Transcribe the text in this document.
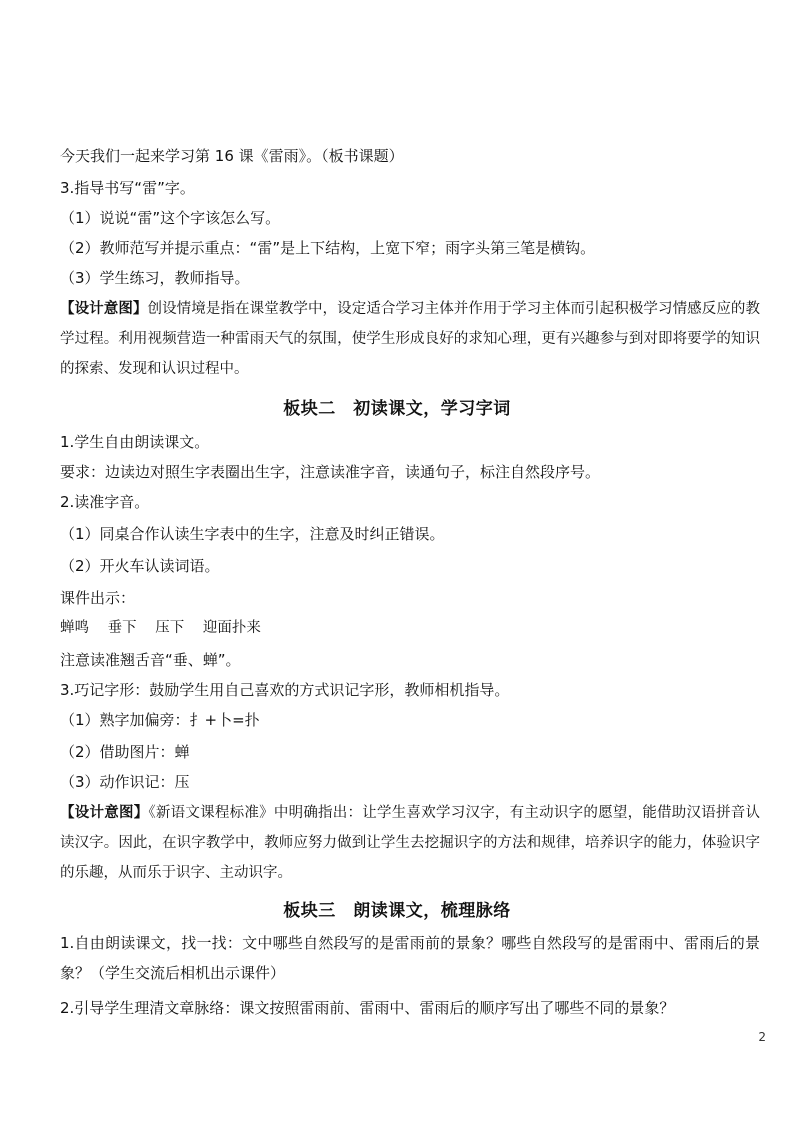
今天我们一起来学习第 16 课《雷雨》。（板书课题）
3.指导书写“雷”字。
（1）说说“雷”这个字该怎么写。
（2）教师范写并提示重点：“雷”是上下结构，上宽下窄；雨字头第三笔是横钩。
（3）学生练习，教师指导。
【设计意图】创设情境是指在课堂教学中，设定适合学习主体并作用于学习主体而引起积极学习情感反应的教学过程。利用视频营造一种雷雨天气的氛围，使学生形成良好的求知心理，更有兴趣参与到对即将要学的知识的探索、发现和认识过程中。
板块二　初读课文，学习字词
1.学生自由朗读课文。
要求：边读边对照生字表圈出生字，注意读准字音，读通句子，标注自然段序号。
2.读准字音。
（1）同桌合作认读生字表中的生字，注意及时纠正错误。
（2）开火车认读词语。
课件出示：
蝉鸣 垂下 压下 迎面扑来
注意读准翘舌音“垂、蝉”。
3.巧记字形：鼓励学生用自己喜欢的方式识记字形，教师相机指导。
（1）熟字加偏旁：扌+卜=扑
（2）借助图片：蝉
（3）动作识记：压
【设计意图】《新语文课程标准》中明确指出：让学生喜欢学习汉字，有主动识字的愿望，能借助汉语拼音认读汉字。因此，在识字教学中，教师应努力做到让学生去挖掘识字的方法和规律，培养识字的能力，体验识字的乐趣，从而乐于识字、主动识字。
板块三　朗读课文，梳理脉络
1.自由朗读课文，找一找：文中哪些自然段写的是雷雨前的景象？哪些自然段写的是雷雨中、雷雨后的景象？（学生交流后相机出示课件）
2.引导学生理清文章脉络：课文按照雷雨前、雷雨中、雷雨后的顺序写出了哪些不同的景象？
2
